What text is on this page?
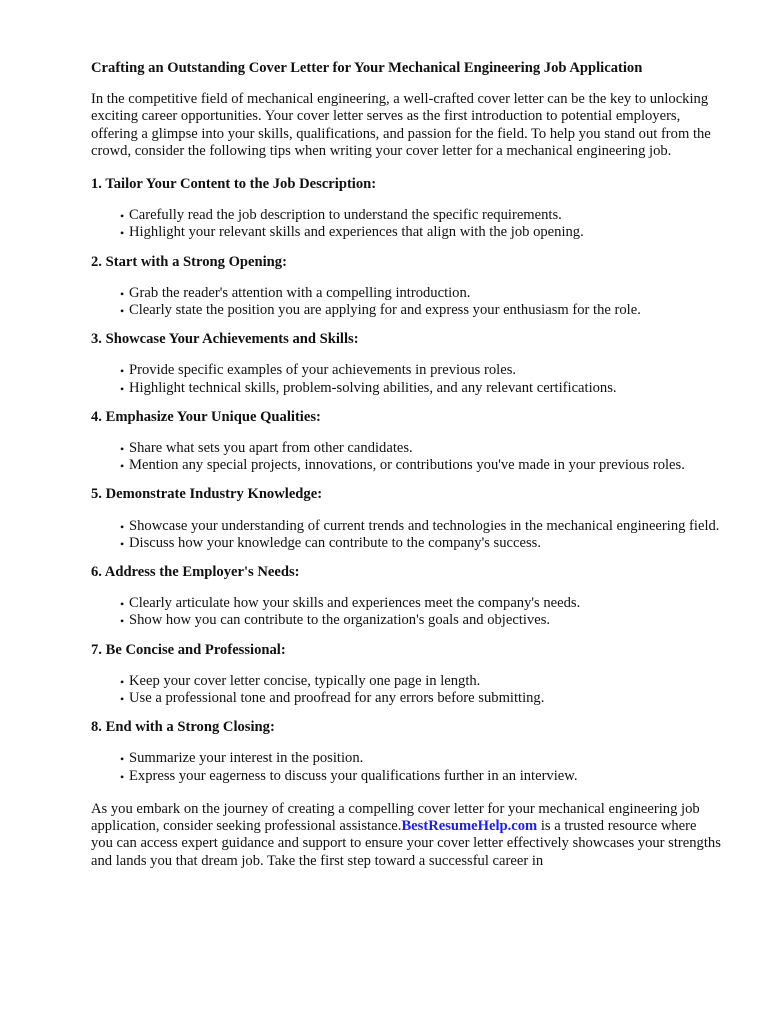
Crafting an Outstanding Cover Letter for Your Mechanical Engineering Job Application
In the competitive field of mechanical engineering, a well-crafted cover letter can be the key to unlocking exciting career opportunities. Your cover letter serves as the first introduction to potential employers, offering a glimpse into your skills, qualifications, and passion for the field. To help you stand out from the crowd, consider the following tips when writing your cover letter for a mechanical engineering job.
1. Tailor Your Content to the Job Description:
• Carefully read the job description to understand the specific requirements.
• Highlight your relevant skills and experiences that align with the job opening.
2. Start with a Strong Opening:
• Grab the reader's attention with a compelling introduction.
• Clearly state the position you are applying for and express your enthusiasm for the role.
3. Showcase Your Achievements and Skills:
• Provide specific examples of your achievements in previous roles.
• Highlight technical skills, problem-solving abilities, and any relevant certifications.
4. Emphasize Your Unique Qualities:
• Share what sets you apart from other candidates.
• Mention any special projects, innovations, or contributions you've made in your previous roles.
5. Demonstrate Industry Knowledge:
• Showcase your understanding of current trends and technologies in the mechanical engineering field.
• Discuss how your knowledge can contribute to the company's success.
6. Address the Employer's Needs:
• Clearly articulate how your skills and experiences meet the company's needs.
• Show how you can contribute to the organization's goals and objectives.
7. Be Concise and Professional:
• Keep your cover letter concise, typically one page in length.
• Use a professional tone and proofread for any errors before submitting.
8. End with a Strong Closing:
• Summarize your interest in the position.
• Express your eagerness to discuss your qualifications further in an interview.
As you embark on the journey of creating a compelling cover letter for your mechanical engineering job application, consider seeking professional assistance.BestResumeHelp.com is a trusted resource where you can access expert guidance and support to ensure your cover letter effectively showcases your strengths and lands you that dream job. Take the first step toward a successful career in
